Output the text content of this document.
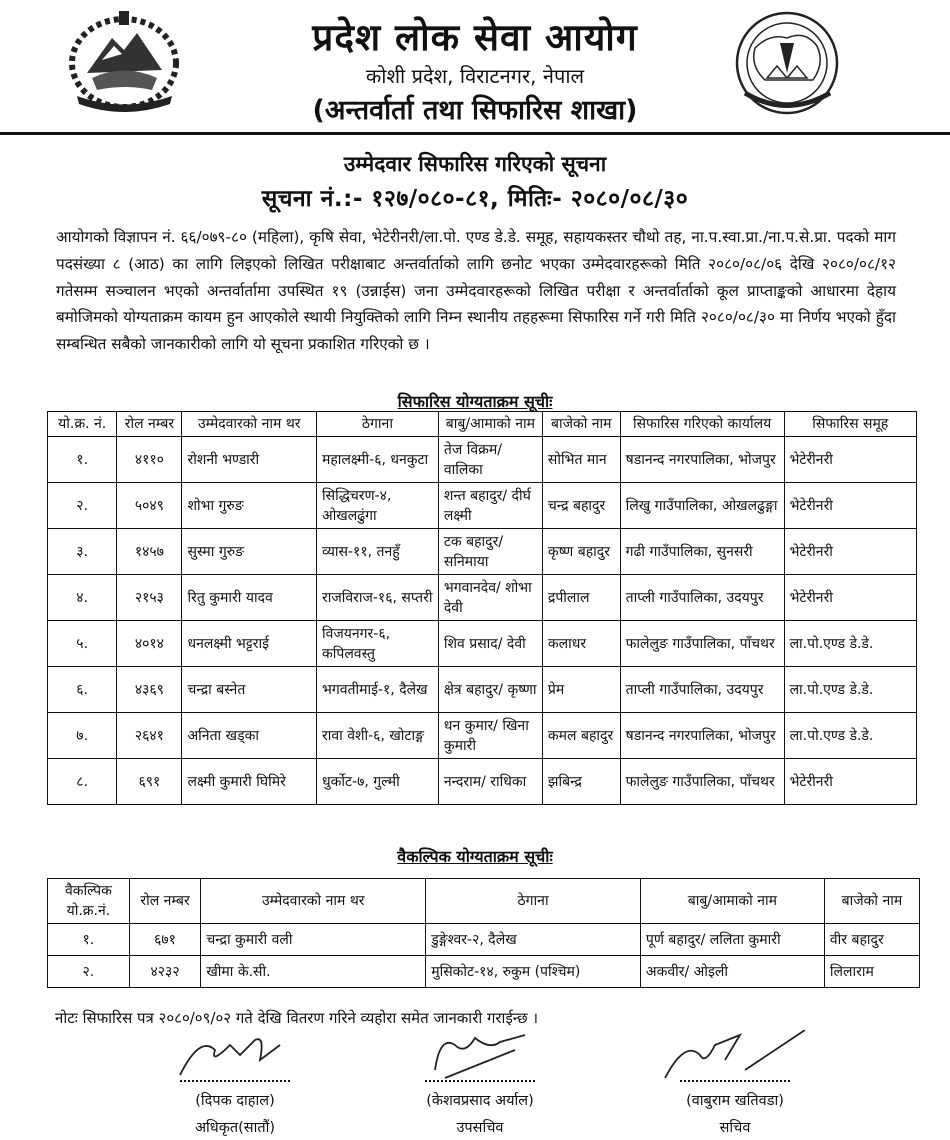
प्रदेश लोक सेवा आयोग
कोशी प्रदेश, विराटनगर, नेपाल
(अन्तर्वार्ता तथा सिफारिस शाखा)
उम्मेदवार सिफारिस गरिएको सूचना
सूचना नं.:- १२७/०८०-८१, मितिः- २०८०/०८/३०
आयोगको विज्ञापन नं. ६६/०७९-८० (महिला), कृषि सेवा, भेटेरीनरी/ला.पो. एण्ड डे.डे. समूह, सहायकस्तर चौथो तह, ना.प.स्वा.प्रा./ना.प.से.प्रा. पदको माग पदसंख्या ८ (आठ) का लागि लिइएको लिखित परीक्षाबाट अन्तर्वार्ताको लागि छनोट भएका उम्मेदवारहरूको मिति २०८०/०८/०६ देखि २०८०/०८/१२ गतेसम्म सञ्चालन भएको अन्तर्वार्तामा उपस्थित १९ (उन्नाईस) जना उम्मेदवारहरूको लिखित परीक्षा र अन्तर्वार्ताको कूल प्राप्ताङ्कको आधारमा देहाय बमोजिमको योग्यताक्रम कायम हुन आएकोले स्थायी नियुक्तिको लागि निम्न स्थानीय तहहरूमा सिफारिस गर्ने गरी मिति २०८०/०८/३० मा निर्णय भएको हुँदा सम्बन्धित सबैको जानकारीको लागि यो सूचना प्रकाशित गरिएको छ ।
सिफारिस योग्यताक्रम सूचीः
यो.क्र. नं.	रोल नम्बर	उम्मेदवारको नाम थर	ठेगाना	बाबु/आमाको नाम	बाजेको नाम	सिफारिस गरिएको कार्यालय	सिफारिस समूह
१.	४११०	रोशनी भण्डारी	महालक्ष्मी-६, धनकुटा	तेज विक्रम/ वालिका	सोभित मान	षडानन्द नगरपालिका, भोजपुर	भेटेरीनरी
२.	५०४९	शोभा गुरुङ	सिद्धिचरण-४, ओखलढुंगा	शन्त बहादुर/ दीर्घ लक्ष्मी	चन्द्र बहादुर	लिखु गाउँपालिका, ओखलढुङ्गा	भेटेरीनरी
३.	१४५७	सुस्मा गुरुङ	व्यास-११, तनहुँ	टक बहादुर/ सनिमाया	कृष्ण बहादुर	गढी गाउँपालिका, सुनसरी	भेटेरीनरी
४.	२१५३	रितु कुमारी यादव	राजविराज-१६, सप्तरी	भगवानदेव/ शोभा देवी	द्रपीलाल	ताप्ली गाउँपालिका, उदयपुर	भेटेरीनरी
५.	४०१४	धनलक्ष्मी भट्टराई	विजयनगर-६, कपिलवस्तु	शिव प्रसाद/ देवी	कलाधर	फालेलुङ गाउँपालिका, पाँचथर	ला.पो.एण्ड डे.डे.
६.	४३६९	चन्द्रा बस्नेत	भगवतीमाई-१, दैलेख	क्षेत्र बहादुर/ कृष्णा	प्रेम	ताप्ली गाउँपालिका, उदयपुर	ला.पो.एण्ड डे.डे.
७.	२६४१	अनिता खड्का	रावा वेशी-६, खोटाङ्ग	धन कुमार/ खिना कुमारी	कमल बहादुर	षडानन्द नगरपालिका, भोजपुर	ला.पो.एण्ड डे.डे.
८.	६९१	लक्ष्मी कुमारी घिमिरे	धुर्कोट-७, गुल्मी	नन्दराम/ राधिका	झबिन्द्र	फालेलुङ गाउँपालिका, पाँचथर	भेटेरीनरी
वैकल्पिक योग्यताक्रम सूचीः
वैकल्पिक यो.क्र.नं.	रोल नम्बर	उम्मेदवारको नाम थर	ठेगाना	बाबु/आमाको नाम	बाजेको नाम
१.	६७१	चन्द्रा कुमारी वली	डुङ्गेश्वर-२, दैलेख	पूर्ण बहादुर/ ललिता कुमारी	वीर बहादुर
२.	४२३२	खीमा के.सी.	मुसिकोट-१४, रुकुम (पश्चिम)	अकवीर/ ओइली	लिलाराम
नोटः सिफारिस पत्र २०८०/०९/०२ गते देखि वितरण गरिने व्यहोरा समेत जानकारी गराईन्छ ।
(दिपक दाहाल)
अधिकृत(सातौं)
(केशवप्रसाद अर्याल)
उपसचिव
(वाबुराम खतिवडा)
सचिव
